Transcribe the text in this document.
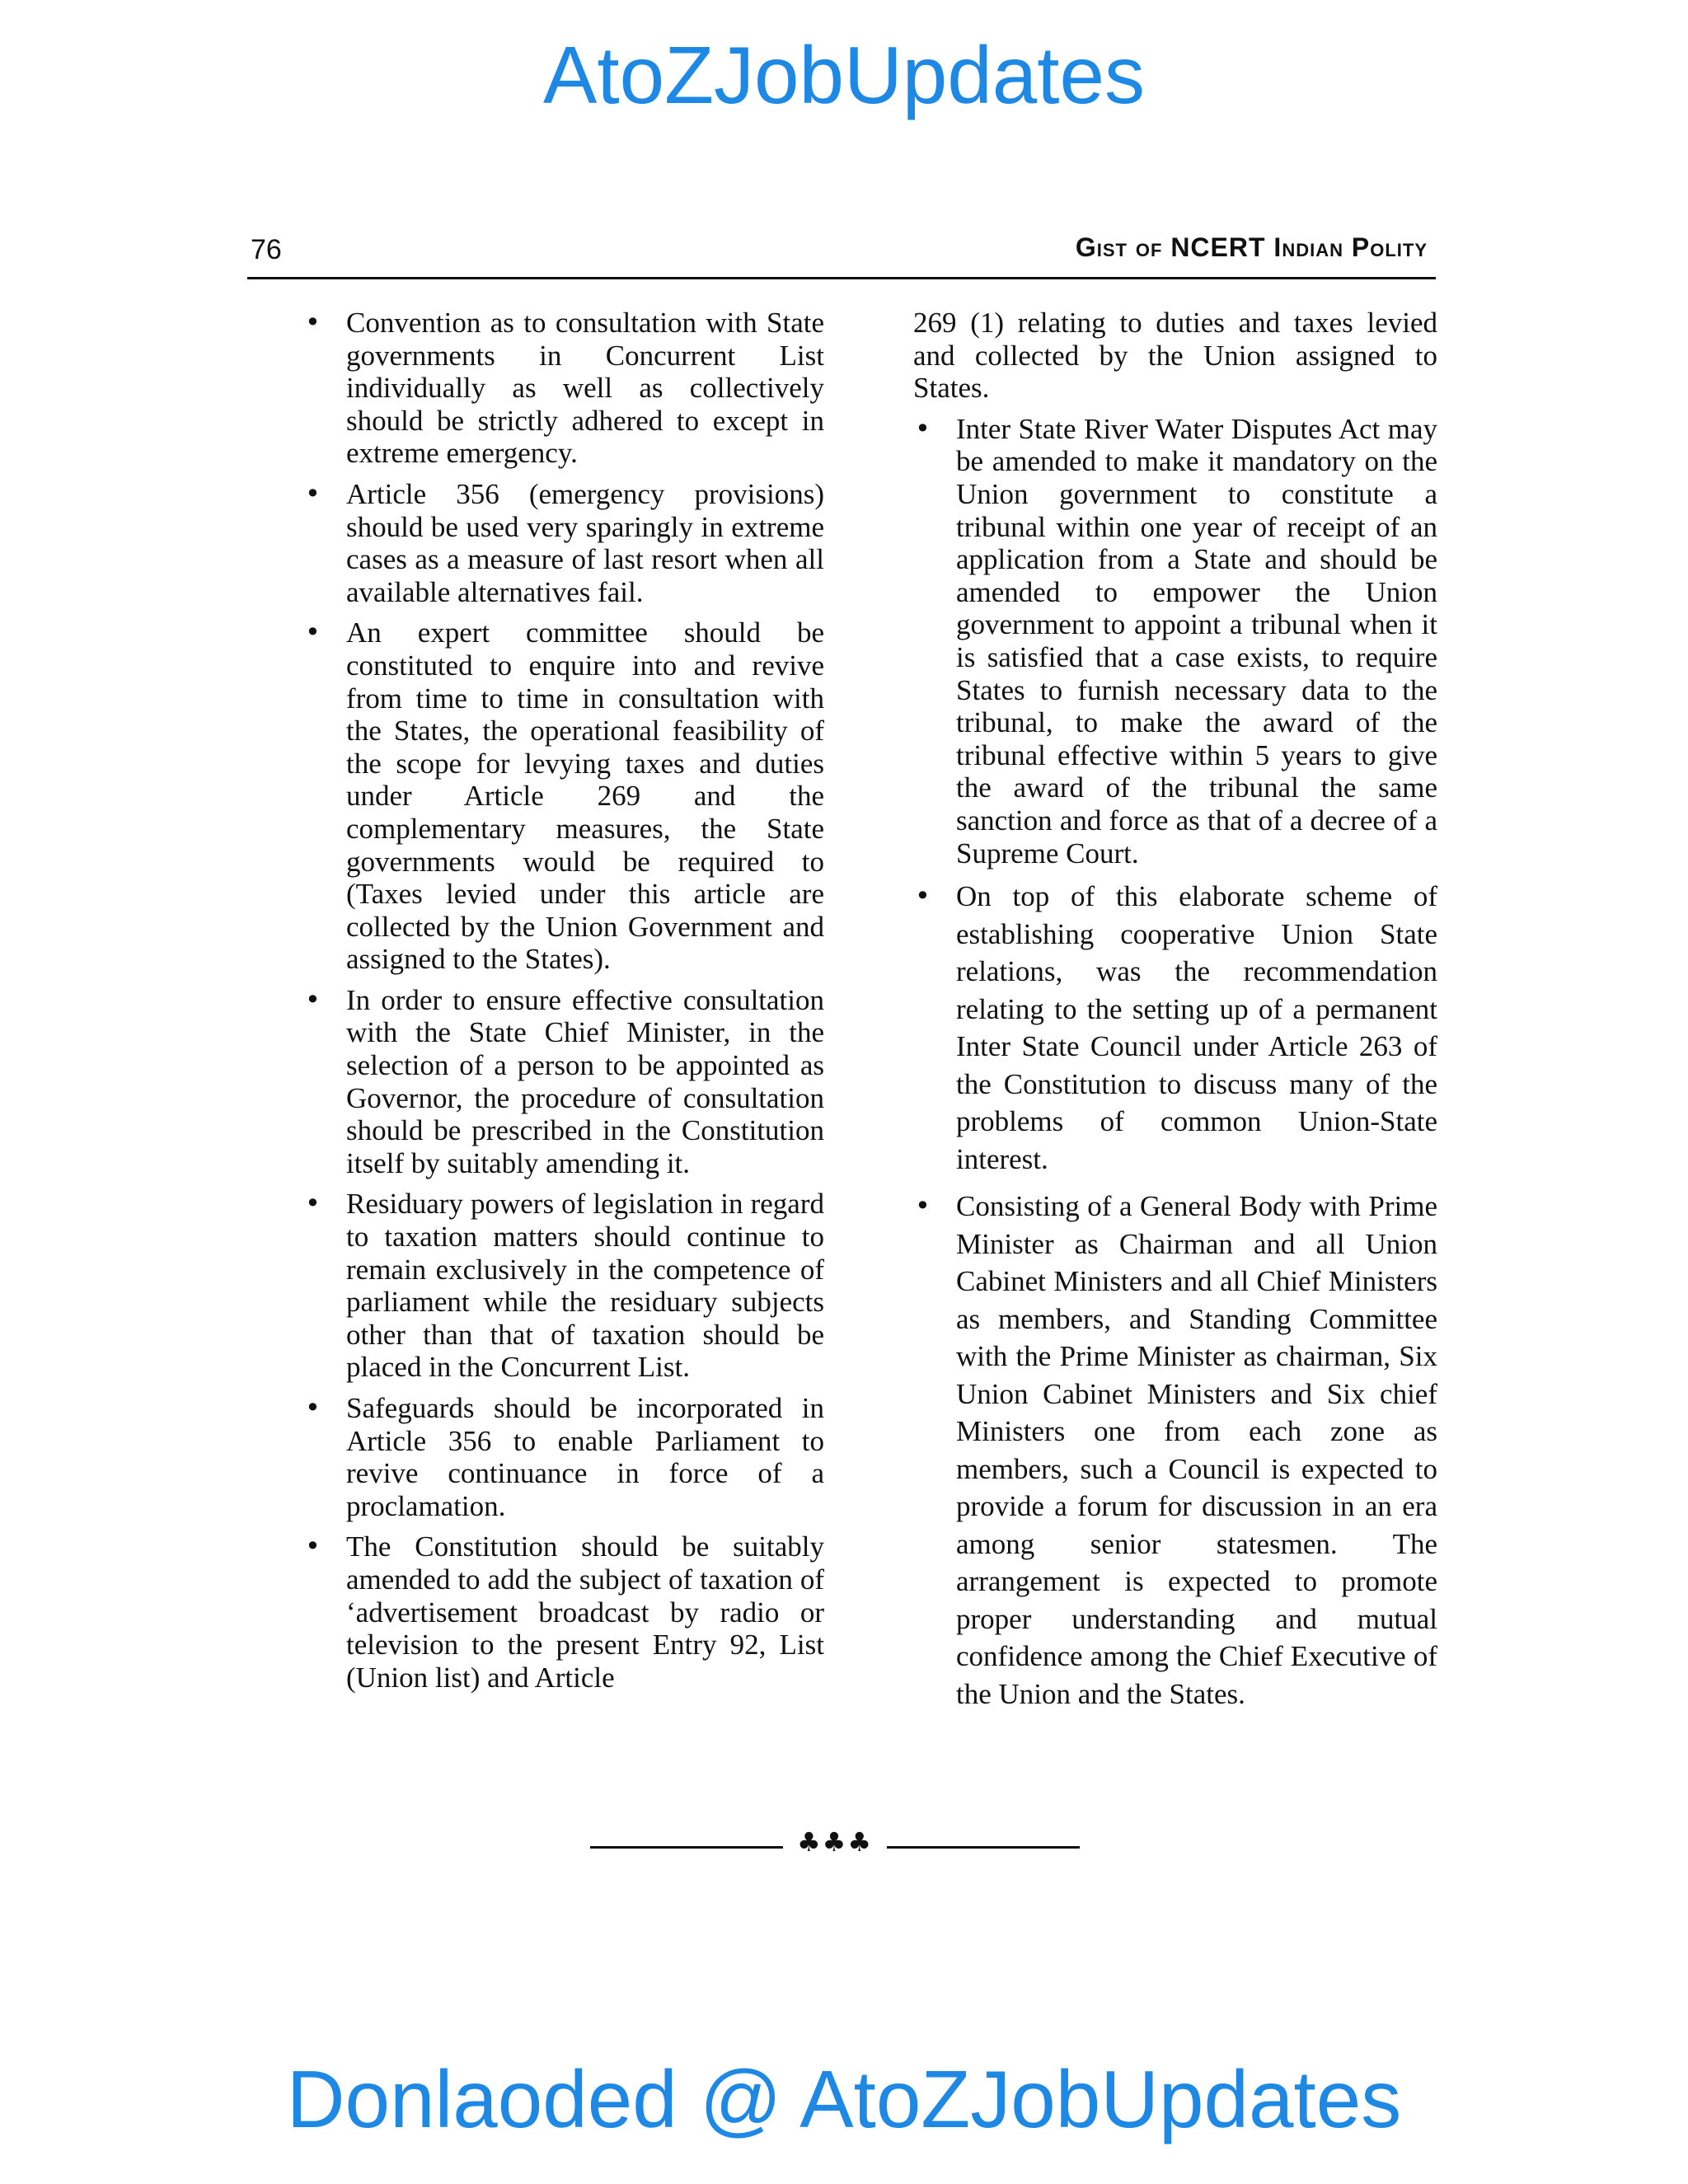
AtoZJobUpdates
76	Gist of NCERT Indian Polity
• Convention as to consultation with State governments in Concurrent List individually as well as collectively should be strictly adhered to except in extreme emergency.
• Article 356 (emergency provisions) should be used very sparingly in extreme cases as a measure of last resort when all available alternatives fail.
• An expert committee should be constituted to enquire into and revive from time to time in consultation with the States, the operational feasibility of the scope for levying taxes and duties under Article 269 and the complementary measures, the State governments would be required to (Taxes levied under this article are collected by the Union Government and assigned to the States).
• In order to ensure effective consultation with the State Chief Minister, in the selection of a person to be appointed as Governor, the procedure of consultation should be prescribed in the Constitution itself by suitably amending it.
• Residuary powers of legislation in regard to taxation matters should continue to remain exclusively in the competence of parliament while the residuary subjects other than that of taxation should be placed in the Concurrent List.
• Safeguards should be incorporated in Article 356 to enable Parliament to revive continuance in force of a proclamation.
• The Constitution should be suitably amended to add the subject of taxation of ‘advertisement broadcast by radio or television to the present Entry 92, List (Union list) and Article
269 (1) relating to duties and taxes levied and collected by the Union assigned to States.
• Inter State River Water Disputes Act may be amended to make it mandatory on the Union government to constitute a tribunal within one year of receipt of an application from a State and should be amended to empower the Union government to appoint a tribunal when it is satisfied that a case exists, to require States to furnish necessary data to the tribunal, to make the award of the tribunal effective within 5 years to give the award of the tribunal the same sanction and force as that of a decree of a Supreme Court.
• On top of this elaborate scheme of establishing cooperative Union State relations, was the recommendation relating to the setting up of a permanent Inter State Council under Article 263 of the Constitution to discuss many of the problems of common Union-State interest.
• Consisting of a General Body with Prime Minister as Chairman and all Union Cabinet Ministers and all Chief Ministers as members, and Standing Committee with the Prime Minister as chairman, Six Union Cabinet Ministers and Six chief Ministers one from each zone as members, such a Council is expected to provide a forum for discussion in an era among senior statesmen. The arrangement is expected to promote proper understanding and mutual confidence among the Chief Executive of the Union and the States.
♣♣♣
Donlaoded @ AtoZJobUpdates
